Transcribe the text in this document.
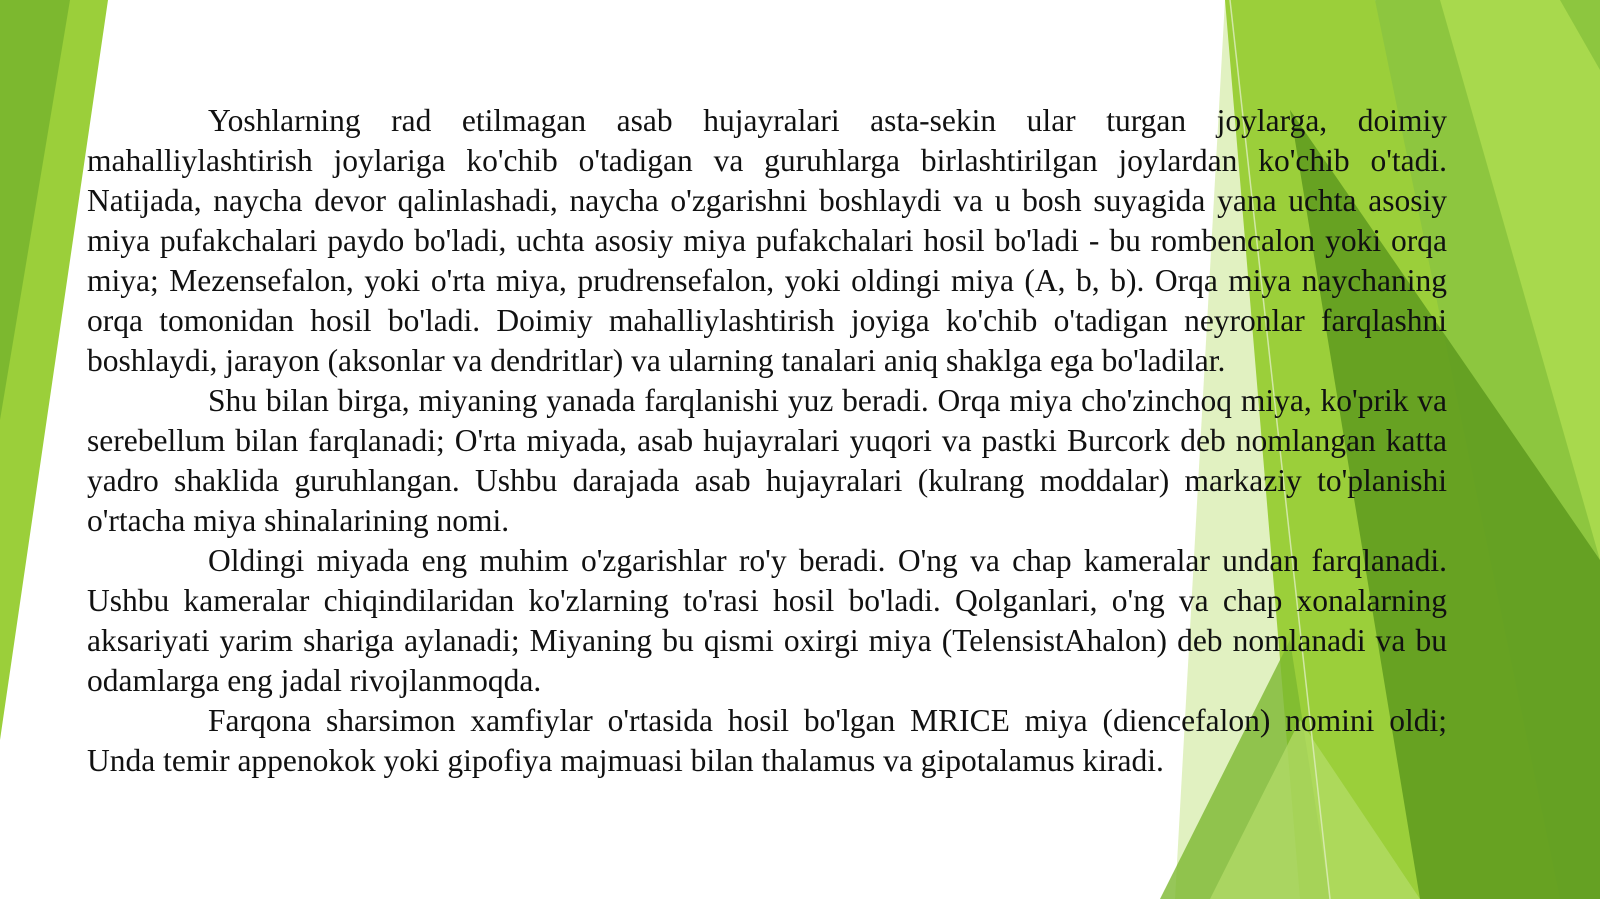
Yoshlarning rad etilmagan asab hujayralari asta-sekin ular turgan joylarga, doimiy mahalliylashtirish joylariga ko'chib o'tadigan va guruhlarga birlashtirilgan joylardan ko'chib o'tadi. Natijada, naycha devor qalinlashadi, naycha o'zgarishni boshlaydi va u bosh suyagida yana uchta asosiy miya pufakchalari paydo bo'ladi, uchta asosiy miya pufakchalari hosil bo'ladi - bu rombencalon yoki orqa miya; Mezensefalon, yoki o'rta miya, prudrensefalon, yoki oldingi miya (A, b, b). Orqa miya naychaning orqa tomonidan hosil bo'ladi. Doimiy mahalliylashtirish joyiga ko'chib o'tadigan neyronlar farqlashni boshlaydi, jarayon (aksonlar va dendritlar) va ularning tanalari aniq shaklga ega bo'ladilar.

Shu bilan birga, miyaning yanada farqlanishi yuz beradi. Orqa miya cho'zinchoq miya, ko'prik va serebellum bilan farqlanadi; O'rta miyada, asab hujayralari yuqori va pastki Burcork deb nomlangan katta yadro shaklida guruhlangan. Ushbu darajada asab hujayralari (kulrang moddalar) markaziy to'planishi o'rtacha miya shinalarining nomi.

Oldingi miyada eng muhim o'zgarishlar ro'y beradi. O'ng va chap kameralar undan farqlanadi. Ushbu kameralar chiqindilaridan ko'zlarning to'rasi hosil bo'ladi. Qolganlari, o'ng va chap xonalarning aksariyati yarim shariga aylanadi; Miyaning bu qismi oxirgi miya (TelensistAhalon) deb nomlanadi va bu odamlarga eng jadal rivojlanmoqda.

Farqona sharsimon xamfiylar o'rtasida hosil bo'lgan MRICE miya (diencefalon) nomini oldi; Unda temir appenokok yoki gipofiya majmuasi bilan thalamus va gipotalamus kiradi.
